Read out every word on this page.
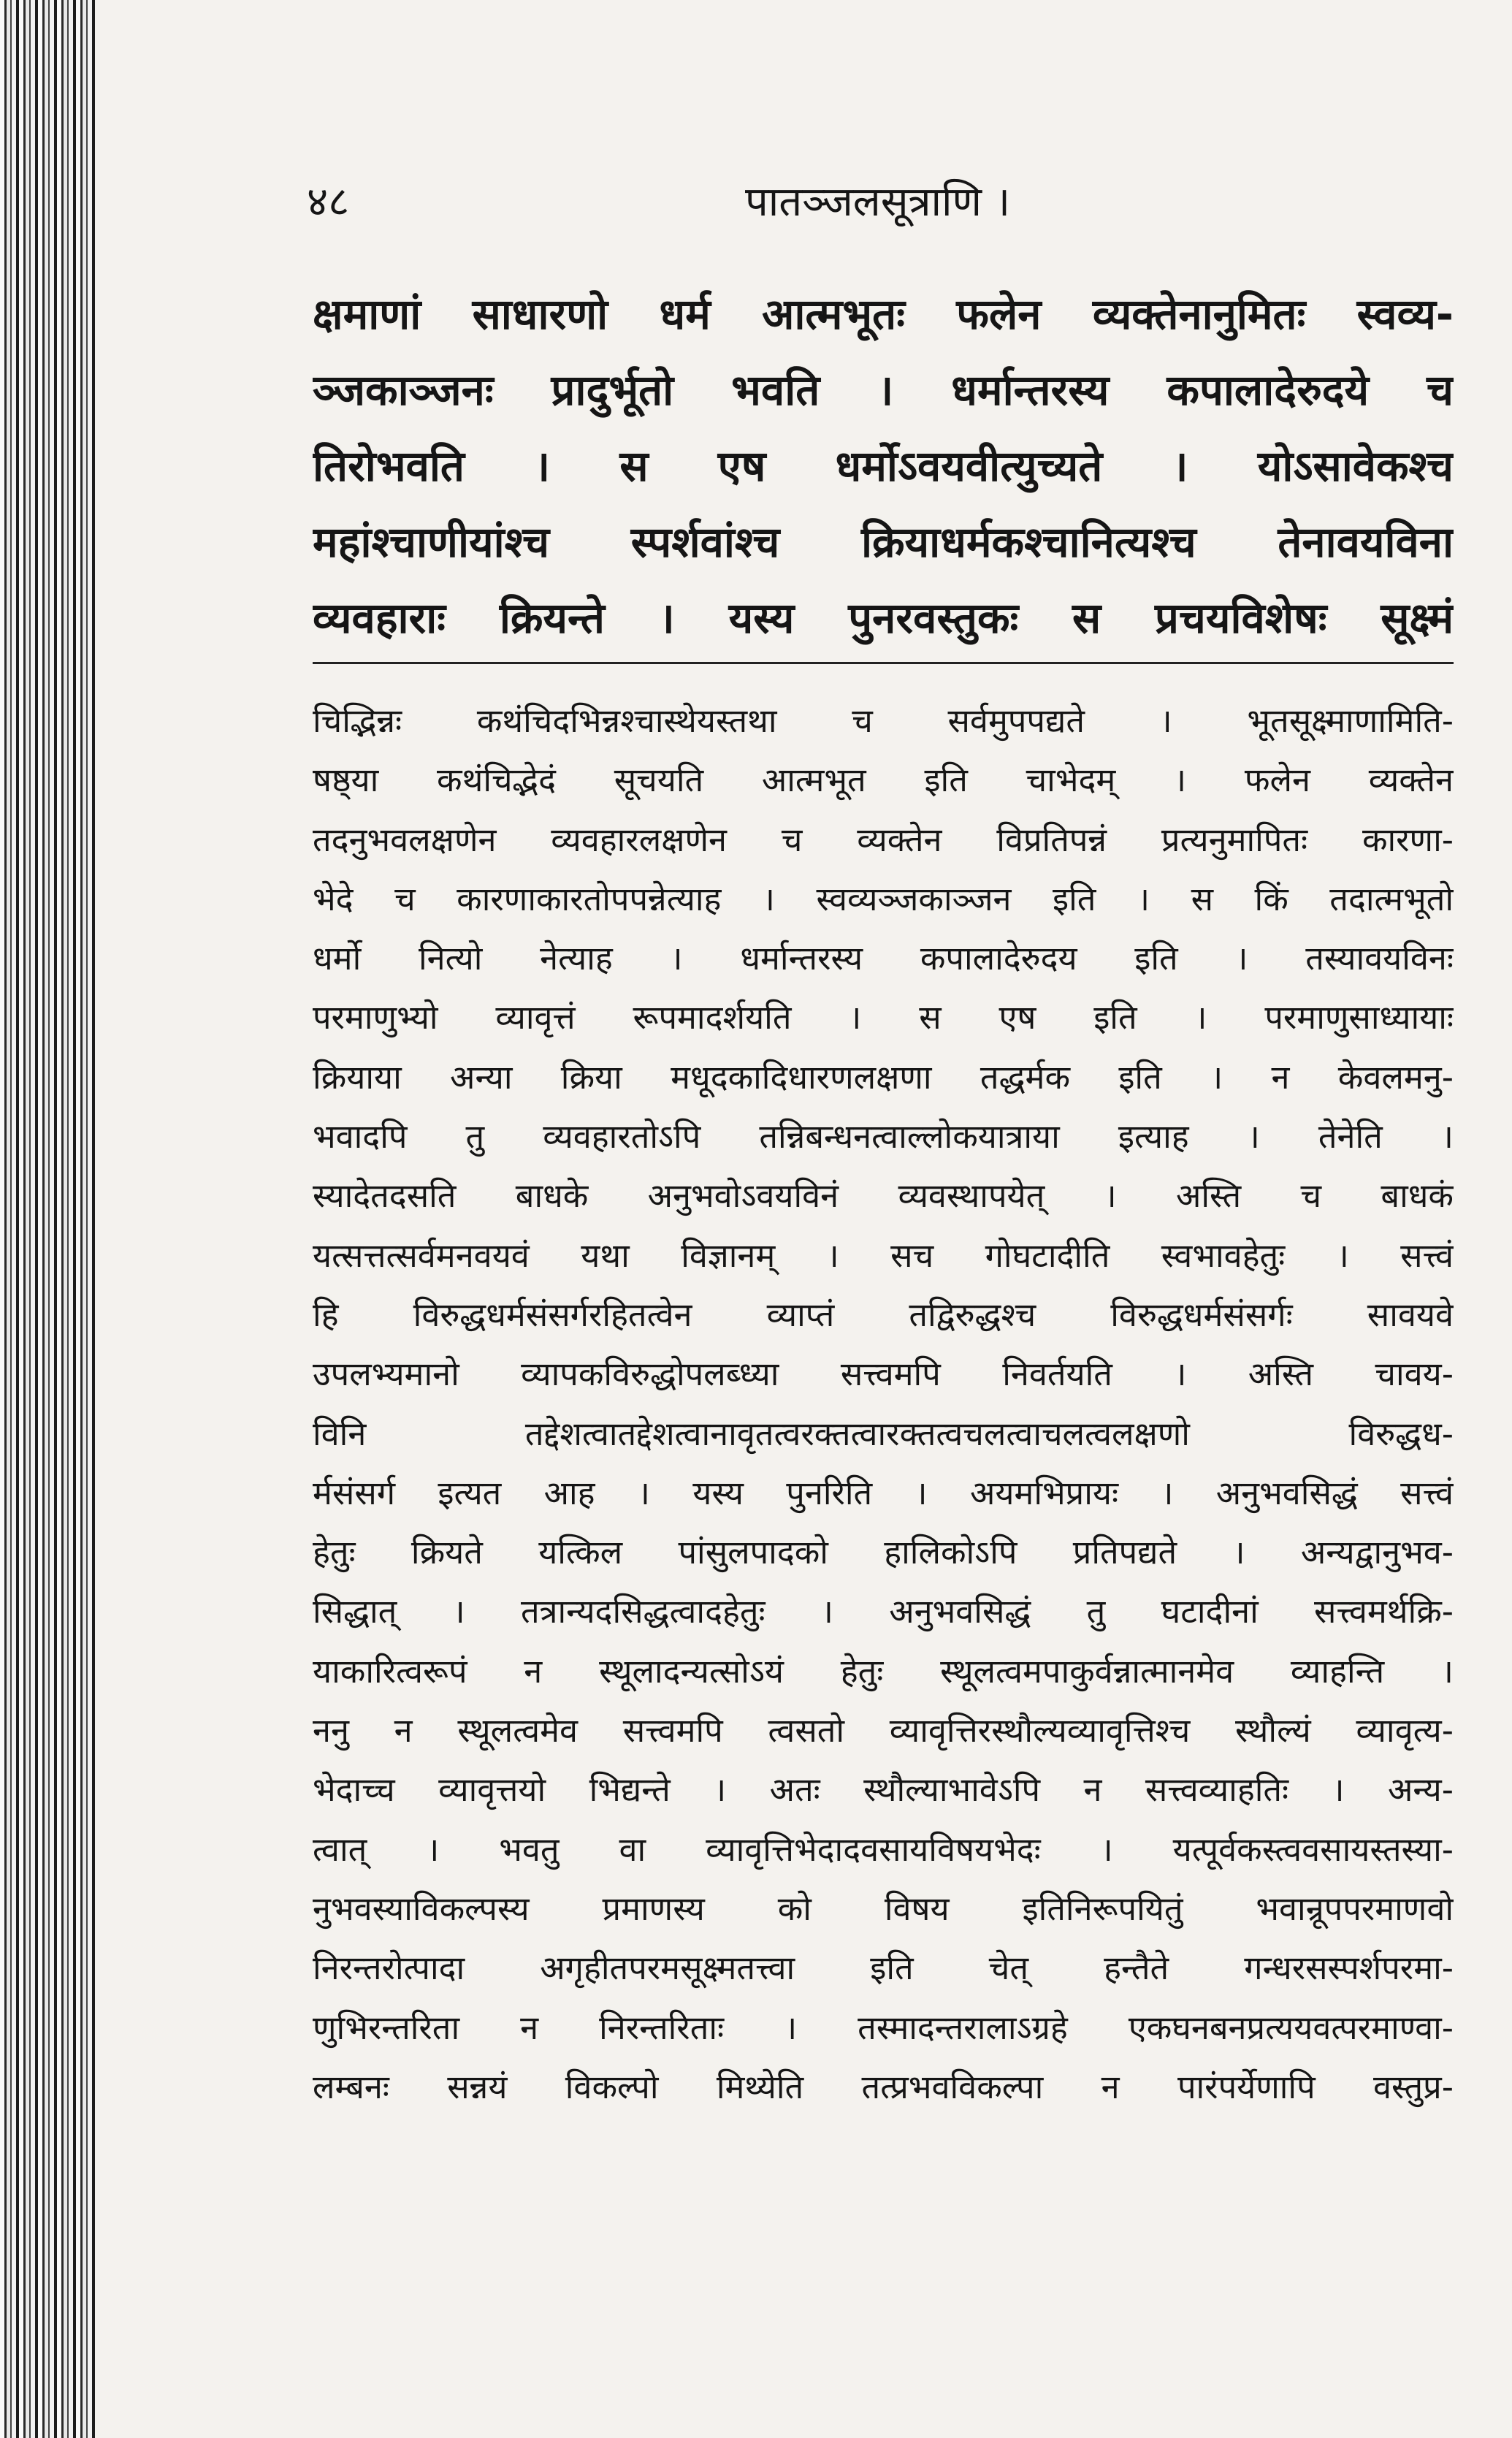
४८	पातञ्जलसूत्राणि ।
क्षमाणां साधारणो धर्म आत्मभूतः फलेन व्यक्तेनानुमितः स्वव्य-
ञ्जकाञ्जनः प्रादुर्भूतो भवति । धर्मान्तरस्य कपालादेरुदये च
तिरोभवति । स एष धर्मोऽवयवीत्युच्यते । योऽसावेकश्च
महांश्चाणीयांश्च स्पर्शवांश्च क्रियाधर्मकश्चानित्यश्च तेनावयविना
व्यवहाराः क्रियन्ते । यस्य पुनरवस्तुकः स प्रचयविशेषः सूक्ष्मं
चिद्भिन्नः कथंचिदभिन्नश्चास्थेयस्तथा च सर्वमुपपद्यते । भूतसूक्ष्माणामिति-
षष्ठ्या कथंचिद्भेदं सूचयति आत्मभूत इति चाभेदम् । फलेन व्यक्तेन
तदनुभवलक्षणेन व्यवहारलक्षणेन च व्यक्तेन विप्रतिपन्नं प्रत्यनुमापितः कारणा-
भेदे च कारणाकारतोपपन्नेत्याह । स्वव्यञ्जकाञ्जन इति । स किं तदात्मभूतो
धर्मो नित्यो नेत्याह । धर्मान्तरस्य कपालादेरुदय इति । तस्यावयविनः
परमाणुभ्यो व्यावृत्तं रूपमादर्शयति । स एष इति । परमाणुसाध्यायाः
क्रियाया अन्या क्रिया मधूदकादिधारणलक्षणा तद्धर्मक इति । न केवलमनु-
भवादपि तु व्यवहारतोऽपि तन्निबन्धनत्वाल्लोकयात्राया इत्याह । तेनेति ।
स्यादेतदसति बाधके अनुभवोऽवयविनं व्यवस्थापयेत् । अस्ति च बाधकं
यत्सत्तत्सर्वमनवयवं यथा विज्ञानम् । सच गोघटादीति स्वभावहेतुः । सत्त्वं
हि विरुद्धधर्मसंसर्गरहितत्वेन व्याप्तं तद्विरुद्धश्च विरुद्धधर्मसंसर्गः सावयवे
उपलभ्यमानो व्यापकविरुद्धोपलब्ध्या सत्त्वमपि निवर्तयति । अस्ति चावय-
विनि तद्देशत्वातद्देशत्वानावृतत्वरक्तत्वारक्तत्वचलत्वाचलत्वलक्षणो विरुद्धध-
र्मसंसर्ग इत्यत आह । यस्य पुनरिति । अयमभिप्रायः । अनुभवसिद्धं सत्त्वं
हेतुः क्रियते यत्किल पांसुलपादको हालिकोऽपि प्रतिपद्यते । अन्यद्वानुभव-
सिद्धात् । तत्रान्यदसिद्धत्वादहेतुः । अनुभवसिद्धं तु घटादीनां सत्त्वमर्थक्रि-
याकारित्वरूपं न स्थूलादन्यत्सोऽयं हेतुः स्थूलत्वमपाकुर्वन्नात्मानमेव व्याहन्ति ।
ननु न स्थूलत्वमेव सत्त्वमपि त्वसतो व्यावृत्तिरस्थौल्यव्यावृत्तिश्च स्थौल्यं व्यावृत्य-
भेदाच्च व्यावृत्तयो भिद्यन्ते । अतः स्थौल्याभावेऽपि न सत्त्वव्याहतिः । अन्य-
त्वात् । भवतु वा व्यावृत्तिभेदादवसायविषयभेदः । यत्पूर्वकस्त्ववसायस्तस्या-
नुभवस्याविकल्पस्य प्रमाणस्य को विषय इतिनिरूपयितुं भवान्रूपपरमाणवो
निरन्तरोत्पादा अगृहीतपरमसूक्ष्मतत्त्वा इति चेत् हन्तैते गन्धरसस्पर्शपरमा-
णुभिरन्तरिता न निरन्तरिताः । तस्मादन्तरालाऽग्रहे एकघनबनप्रत्ययवत्परमाण्वा-
लम्बनः सन्नयं विकल्पो मिथ्येति तत्प्रभवविकल्पा न पारंपर्येणापि वस्तुप्र-
